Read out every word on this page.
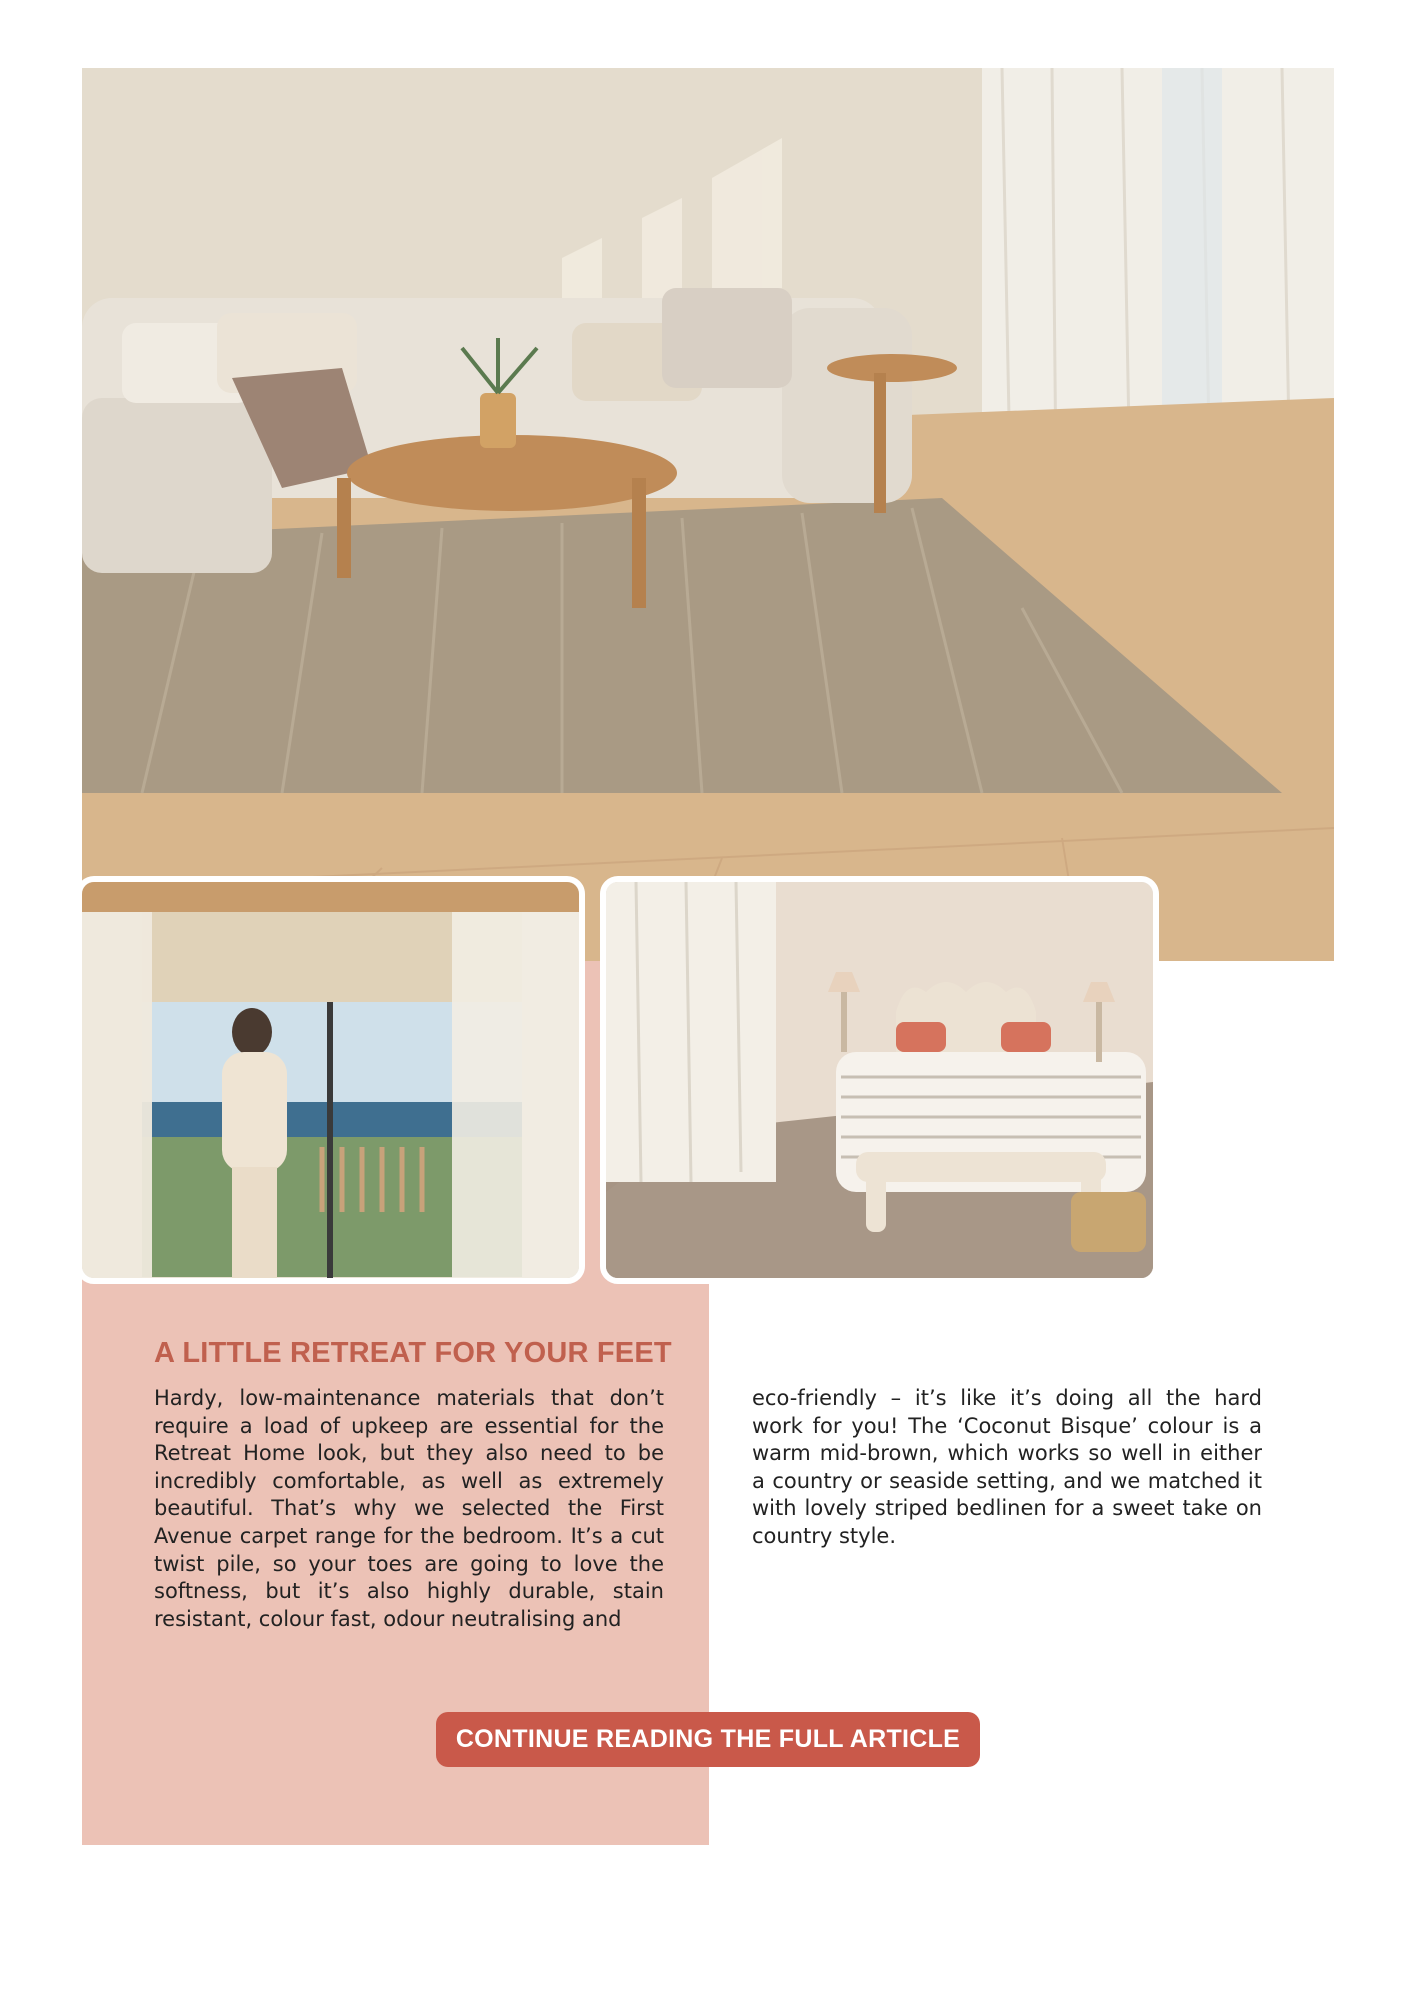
A LITTLE RETREAT FOR YOUR FEET
Hardy, low-maintenance materials that don’t require a load of upkeep are essential for the Retreat Home look, but they also need to be incredibly comfortable, as well as extremely beautiful. That’s why we selected the First Avenue carpet range for the bedroom. It’s a cut twist pile, so your toes are going to love the softness, but it’s also highly durable, stain resistant, colour fast, odour neutralising and
eco-friendly – it’s like it’s doing all the hard work for you! The ‘Coconut Bisque’ colour is a warm mid-brown, which works so well in either a country or seaside setting, and we matched it with lovely striped bedlinen for a sweet take on country style.
CONTINUE READING THE FULL ARTICLE
